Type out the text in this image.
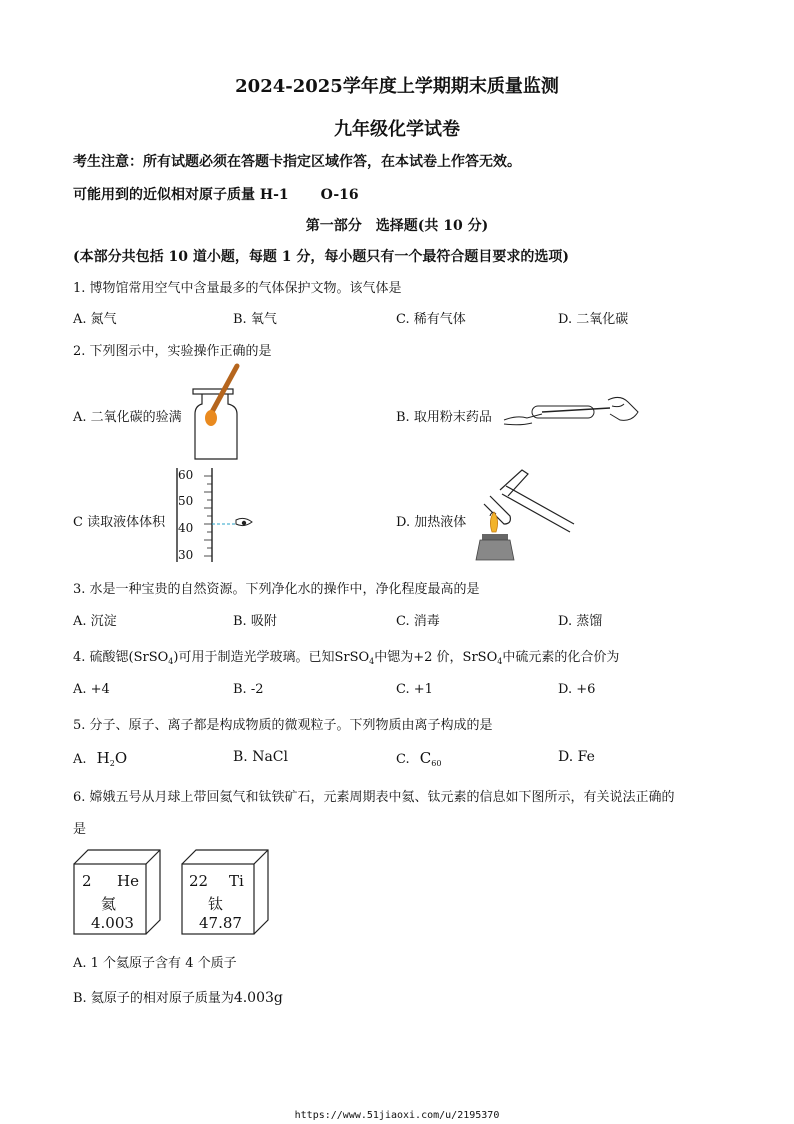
2024-2025学年度上学期期末质量监测
九年级化学试卷
考生注意：所有试题必须在答题卡指定区域作答，在本试卷上作答无效。
可能用到的近似相对原子质量 H-1 O-16
第一部分　选择题(共 10 分)
(本部分共包括 10 道小题，每题 1 分，每小题只有一个最符合题目要求的选项)
1. 博物馆常用空气中含量最多的气体保护文物。该气体是
A. 氮气	B. 氧气	C. 稀有气体	D. 二氧化碳
2. 下列图示中，实验操作正确的是
A. 二氧化碳的验满	B. 取用粉末药品
C 读取液体体积	D. 加热液体
60
50
40
30
3. 水是一种宝贵的自然资源。下列净化水的操作中，净化程度最高的是
A. 沉淀	B. 吸附	C. 消毒	D. 蒸馏
4. 硫酸锶(SrSO$_4$)可用于制造光学玻璃。已知SrSO$_4$中锶为+2 价，SrSO$_4$中硫元素的化合价为
A. +4	B. -2	C. +1	D. +6
5. 分子、原子、离子都是构成物质的微观粒子。下列物质由离子构成的是
A. $H_2O$	B. NaCl	C. $C_{60}$	D. Fe
6. 嫦娥五号从月球上带回氦气和钛铁矿石，元素周期表中氦、钛元素的信息如下图所示，有关说法正确的
是
2 He
氦
4.003
22 Ti
钛
47.87
A. 1 个氦原子含有 4 个质子
B. 氦原子的相对原子质量为4.003g
https://www.51jiaoxi.com/u/2195370
